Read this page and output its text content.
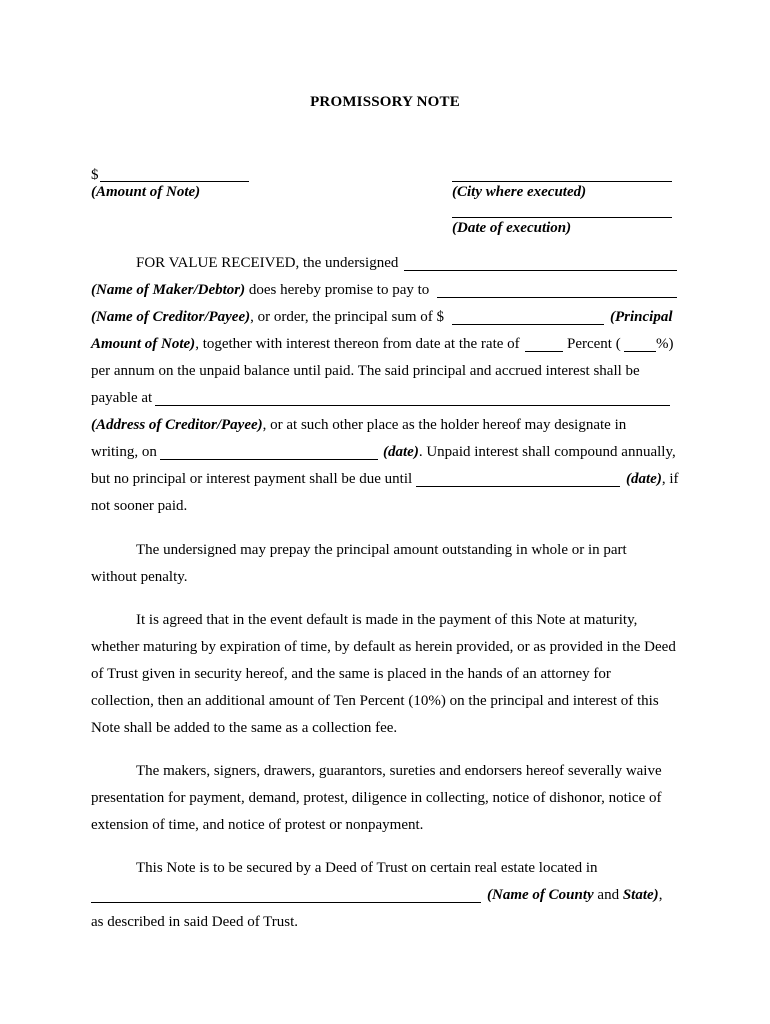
PROMISSORY NOTE
$
(Amount of Note)	(City where executed)
(Date of execution)
FOR VALUE RECEIVED, the undersigned
(Name of Maker/Debtor) does hereby promise to pay to
(Name of Creditor/Payee), or order, the principal sum of $	(Principal
Amount of Note), together with interest thereon from date at the rate of	Percent ( %)
per annum on the unpaid balance until paid. The said principal and accrued interest shall be
payable at
(Address of Creditor/Payee), or at such other place as the holder hereof may designate in
writing, on	(date). Unpaid interest shall compound annually,
but no principal or interest payment shall be due until	(date), if
not sooner paid.
The undersigned may prepay the principal amount outstanding in whole or in part
without penalty.
It is agreed that in the event default is made in the payment of this Note at maturity,
whether maturing by expiration of time, by default as herein provided, or as provided in the Deed
of Trust given in security hereof, and the same is placed in the hands of an attorney for
collection, then an additional amount of Ten Percent (10%) on the principal and interest of this
Note shall be added to the same as a collection fee.
The makers, signers, drawers, guarantors, sureties and endorsers hereof severally waive
presentation for payment, demand, protest, diligence in collecting, notice of dishonor, notice of
extension of time, and notice of protest or nonpayment.
This Note is to be secured by a Deed of Trust on certain real estate located in
(Name of County and State),
as described in said Deed of Trust.
